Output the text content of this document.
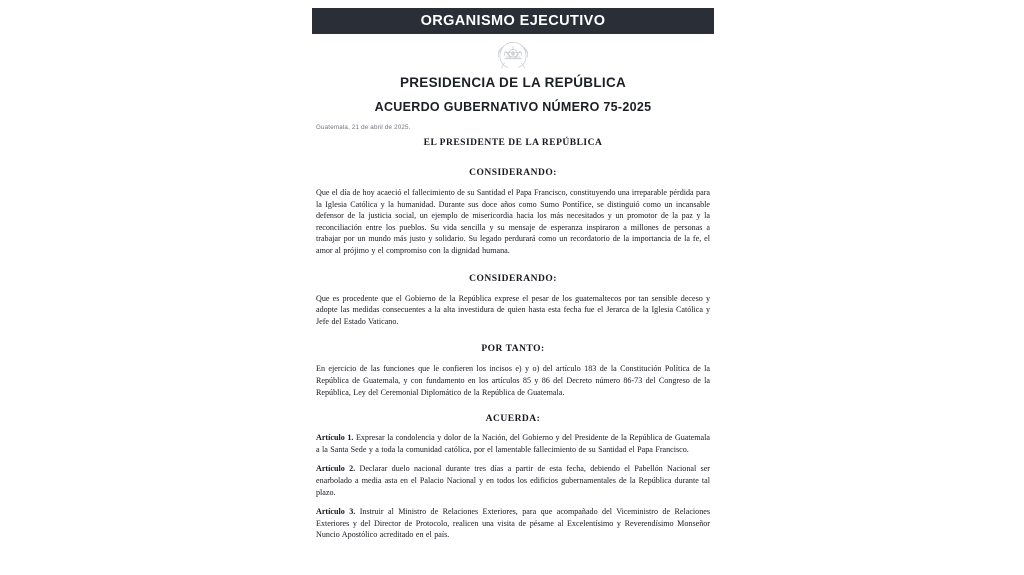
ORGANISMO EJECUTIVO
PRESIDENCIA DE LA REPÚBLICA
ACUERDO GUBERNATIVO NÚMERO 75-2025
Guatemala, 21 de abril de 2025.
EL PRESIDENTE DE LA REPÚBLICA
CONSIDERANDO:

Que el día de hoy acaeció el fallecimiento de su Santidad el Papa Francisco, constituyendo una irreparable pérdida para la Iglesia Católica y la humanidad. Durante sus doce años como Sumo Pontífice, se distinguió como un incansable defensor de la justicia social, un ejemplo de misericordia hacia los más necesitados y un promotor de la paz y la reconciliación entre los pueblos. Su vida sencilla y su mensaje de esperanza inspiraron a millones de personas a trabajar por un mundo más justo y solidario. Su legado perdurará como un recordatorio de la importancia de la fe, el amor al prójimo y el compromiso con la dignidad humana.

CONSIDERANDO:

Que es procedente que el Gobierno de la República exprese el pesar de los guatemaltecos por tan sensible deceso y adopte las medidas consecuentes a la alta investidura de quien hasta esta fecha fue el Jerarca de la Iglesia Católica y Jefe del Estado Vaticano.

POR TANTO:

En ejercicio de las funciones que le confieren los incisos e) y o) del artículo 183 de la Constitución Política de la República de Guatemala, y con fundamento en los artículos 85 y 86 del Decreto número 86-73 del Congreso de la República, Ley del Ceremonial Diplomático de la República de Guatemala.

ACUERDA:

Artículo 1. Expresar la condolencia y dolor de la Nación, del Gobierno y del Presidente de la República de Guatemala a la Santa Sede y a toda la comunidad católica, por el lamentable fallecimiento de su Santidad el Papa Francisco.

Artículo 2. Declarar duelo nacional durante tres días a partir de esta fecha, debiendo el Pabellón Nacional ser enarbolado a media asta en el Palacio Nacional y en todos los edificios gubernamentales de la República durante tal plazo.

Artículo 3. Instruir al Ministro de Relaciones Exteriores, para que acompañado del Viceministro de Relaciones Exteriores y del Director de Protocolo, realicen una visita de pésame al Excelentísimo y Reverendísimo Monseñor Nuncio Apostólico acreditado en el país.
